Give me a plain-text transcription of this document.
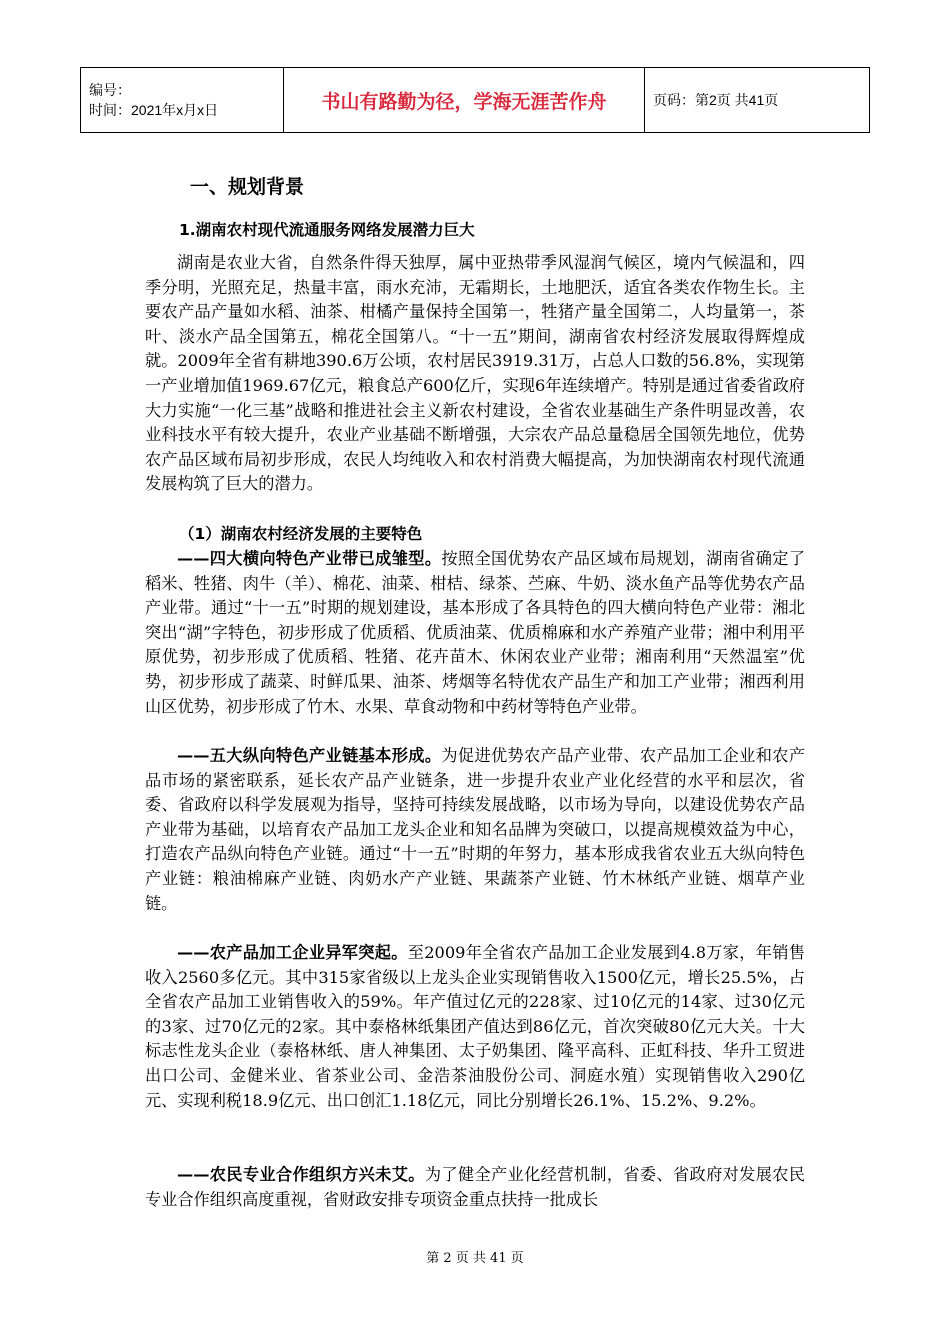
编号：
时间：2021年x月x日	书山有路勤为径，学海无涯苦作舟	页码：第2页 共41页
一、规划背景
1.湖南农村现代流通服务网络发展潜力巨大

湖南是农业大省，自然条件得天独厚，属中亚热带季风湿润气候区，境内气候温和，四季分明，光照充足，热量丰富，雨水充沛，无霜期长，土地肥沃，适宜各类农作物生长。主要农产品产量如水稻、油茶、柑橘产量保持全国第一，牲猪产量全国第二，人均量第一，茶叶、淡水产品全国第五，棉花全国第八。“十一五”期间，湖南省农村经济发展取得辉煌成就。2009年全省有耕地390.6万公顷，农村居民3919.31万，占总人口数的56.8%，实现第一产业增加值1969.67亿元，粮食总产600亿斤，实现6年连续增产。特别是通过省委省政府大力实施“一化三基”战略和推进社会主义新农村建设，全省农业基础生产条件明显改善，农业科技水平有较大提升，农业产业基础不断增强，大宗农产品总量稳居全国领先地位，优势农产品区域布局初步形成，农民人均纯收入和农村消费大幅提高，为加快湖南农村现代流通发展构筑了巨大的潜力。

（1）湖南农村经济发展的主要特色

——四大横向特色产业带已成雏型。按照全国优势农产品区域布局规划，湖南省确定了稻米、牲猪、肉牛（羊）、棉花、油菜、柑桔、绿茶、苎麻、牛奶、淡水鱼产品等优势农产品产业带。通过“十一五”时期的规划建设，基本形成了各具特色的四大横向特色产业带：湘北突出“湖”字特色，初步形成了优质稻、优质油菜、优质棉麻和水产养殖产业带；湘中利用平原优势，初步形成了优质稻、牲猪、花卉苗木、休闲农业产业带；湘南利用“天然温室”优势，初步形成了蔬菜、时鲜瓜果、油茶、烤烟等名特优农产品生产和加工产业带；湘西利用山区优势，初步形成了竹木、水果、草食动物和中药材等特色产业带。

——五大纵向特色产业链基本形成。为促进优势农产品产业带、农产品加工企业和农产品市场的紧密联系，延长农产品产业链条，进一步提升农业产业化经营的水平和层次，省委、省政府以科学发展观为指导，坚持可持续发展战略，以市场为导向，以建设优势农产品产业带为基础，以培育农产品加工龙头企业和知名品牌为突破口，以提高规模效益为中心，打造农产品纵向特色产业链。通过“十一五”时期的年努力，基本形成我省农业五大纵向特色产业链：粮油棉麻产业链、肉奶水产产业链、果蔬茶产业链、竹木林纸产业链、烟草产业链。

——农产品加工企业异军突起。至2009年全省农产品加工企业发展到4.8万家，年销售收入2560多亿元。其中315家省级以上龙头企业实现销售收入1500亿元，增长25.5%，占全省农产品加工业销售收入的59%。年产值过亿元的228家、过10亿元的14家、过30亿元的3家、过70亿元的2家。其中泰格林纸集团产值达到86亿元，首次突破80亿元大关。十大标志性龙头企业（泰格林纸、唐人神集团、太子奶集团、隆平高科、正虹科技、华升工贸进出口公司、金健米业、省茶业公司、金浩茶油股份公司、洞庭水殖）实现销售收入290亿元、实现利税18.9亿元、出口创汇1.18亿元，同比分别增长26.1%、15.2%、9.2%。

——农民专业合作组织方兴未艾。为了健全产业化经营机制，省委、省政府对发展农民专业合作组织高度重视，省财政安排专项资金重点扶持一批成长

第 2 页 共 41 页
